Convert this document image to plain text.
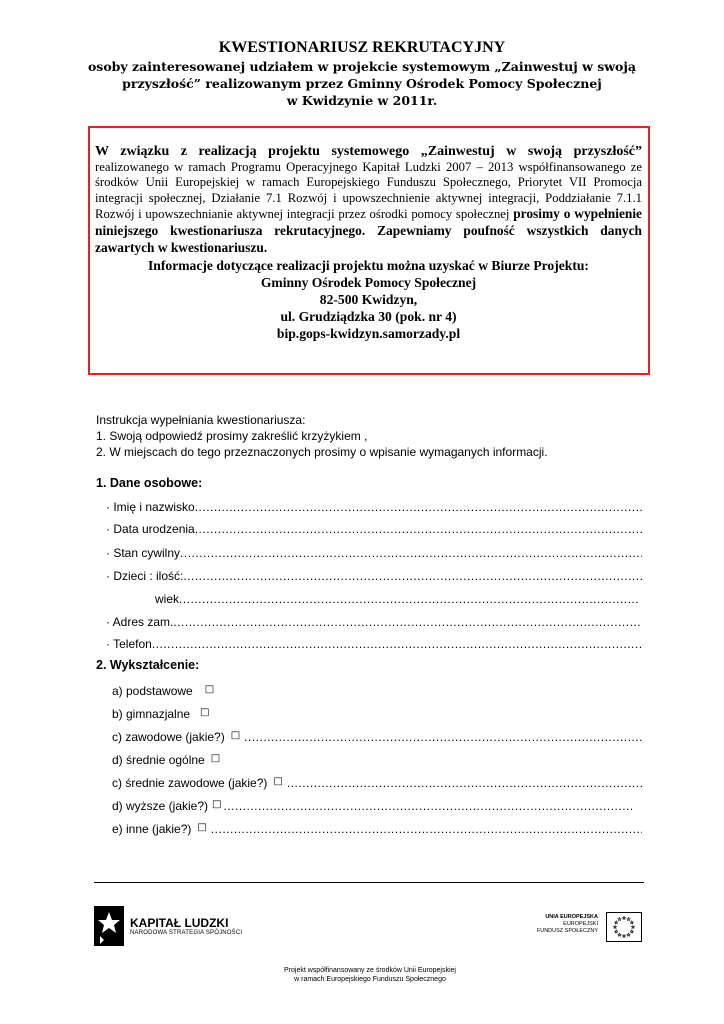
KWESTIONARIUSZ REKRUTACYJNY
osoby zainteresowanej udziałem w projekcie systemowym „Zainwestuj w swoją
przyszłość” realizowanym przez Gminny Ośrodek Pomocy Społecznej
w Kwidzynie w 2011r.

W związku z realizacją projektu systemowego „Zainwestuj w swoją przyszłość” realizowanego w ramach Programu Operacyjnego Kapitał Ludzki 2007 – 2013 współfinansowanego ze środków Unii Europejskiej w ramach Europejskiego Funduszu Społecznego, Priorytet VII Promocja integracji społecznej, Działanie 7.1 Rozwój i upowszechnienie aktywnej integracji, Poddziałanie 7.1.1 Rozwój i upowszechnianie aktywnej integracji przez ośrodki pomocy społecznej prosimy o wypełnienie niniejszego kwestionariusza rekrutacyjnego. Zapewniamy poufność wszystkich danych zawartych w kwestionariuszu.

Informacje dotyczące realizacji projektu można uzyskać w Biurze Projektu:
Gminny Ośrodek Pomocy Społecznej
82-500 Kwidzyn,
ul. Grudziądzka 30 (pok. nr 4)
bip.gops-kwidzyn.samorzady.pl
Instrukcja wypełniania kwestionariusza:
1. Swoją odpowiedź prosimy zakreślić krzyżykiem ,
2. W miejscach do tego przeznaczonych prosimy o wpisanie wymaganych informacji.
1. Dane osobowe:
· Imię i nazwisko
.....
· Data urodzenia
.....
· Stan cywilny
.....
· Dzieci : ilość:
.....
wiek
.....
· Adres zam.
.....
· Telefon
.....
2. Wykształcenie:
a) podstawowe □
b) gimnazjalne □
c) zawodowe (jakie?) □
.....
d) średnie ogólne □
c) średnie zawodowe (jakie?) □
.....
d) wyższe (jakie?) □
.....
e) inne (jakie?) □
.....
KAPITAŁ LUDZKI
NARODOWA STRATEGIA SPÓJNOŚCI
UNIA EUROPEJSKA
EUROPEJSKI
FUNDUSZ SPOŁECZNY
Projekt współfinansowany ze środków Unii Europejskiej
w ramach Europejskiego Funduszu Społecznego
